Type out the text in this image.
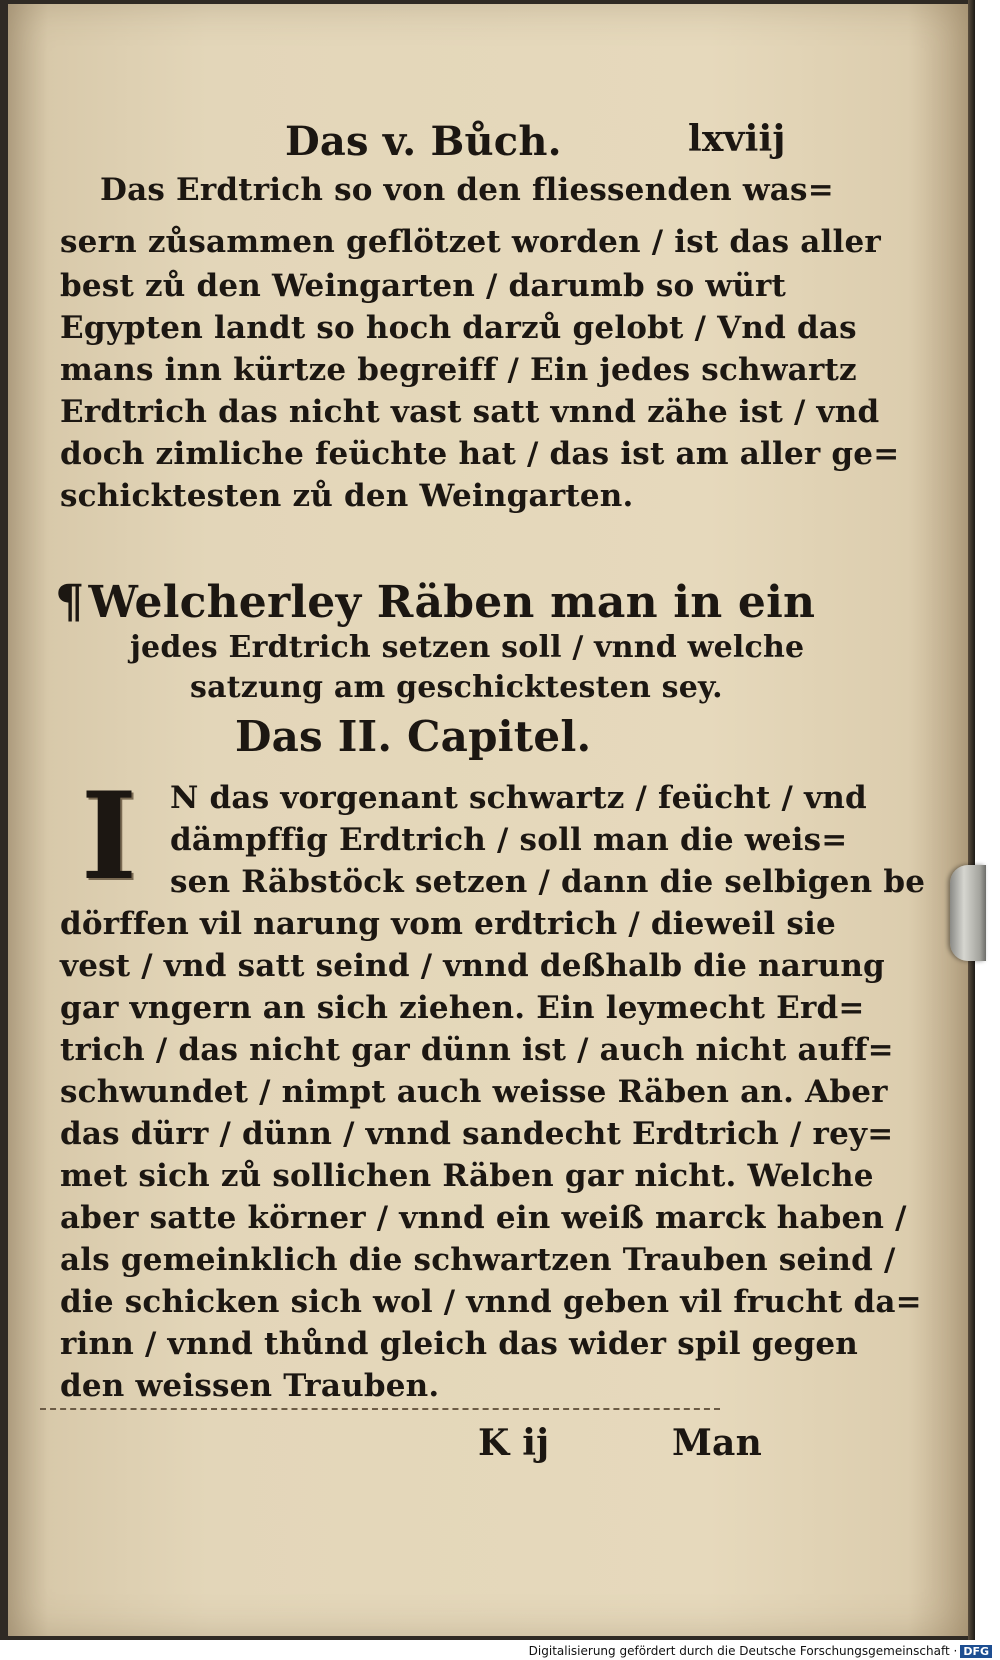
Das v. Bůch.	lxviij
Das Erdtrich so von den fliessenden was=
sern zůsammen geflötzet worden / ist das aller
best zů den Weingarten / darumb so würt
Egypten landt so hoch darzů gelobt / Vnd das
mans inn kürtze begreiff / Ein jedes schwartz
Erdtrich das nicht vast satt vnnd zähe ist / vnd
doch zimliche feüchte hat / das ist am aller ge=
schicktesten zů den Weingarten.
¶Welcherley Räben man in ein
jedes Erdtrich setzen soll / vnnd welche
satzung am geschicktesten sey.
Das II. Capitel.
I	N das vorgenant schwartz / feücht / vnd
dämpffig Erdtrich / soll man die weis=
sen Räbstöck setzen / dann die selbigen be
dörffen vil narung vom erdtrich / dieweil sie
vest / vnd satt seind / vnnd deßhalb die narung
gar vngern an sich ziehen. Ein leymecht Erd=
trich / das nicht gar dünn ist / auch nicht auff=
schwundet / nimpt auch weisse Räben an. Aber
das dürr / dünn / vnnd sandecht Erdtrich / rey=
met sich zů sollichen Räben gar nicht. Welche
aber satte körner / vnnd ein weiß marck haben /
als gemeinklich die schwartzen Trauben seind /
die schicken sich wol / vnnd geben vil frucht da=
rinn / vnnd thůnd gleich das wider spil gegen
den weissen Trauben.
K ij	Man
Digitalisierung gefördert durch die Deutsche Forschungsgemeinschaft · DFG
